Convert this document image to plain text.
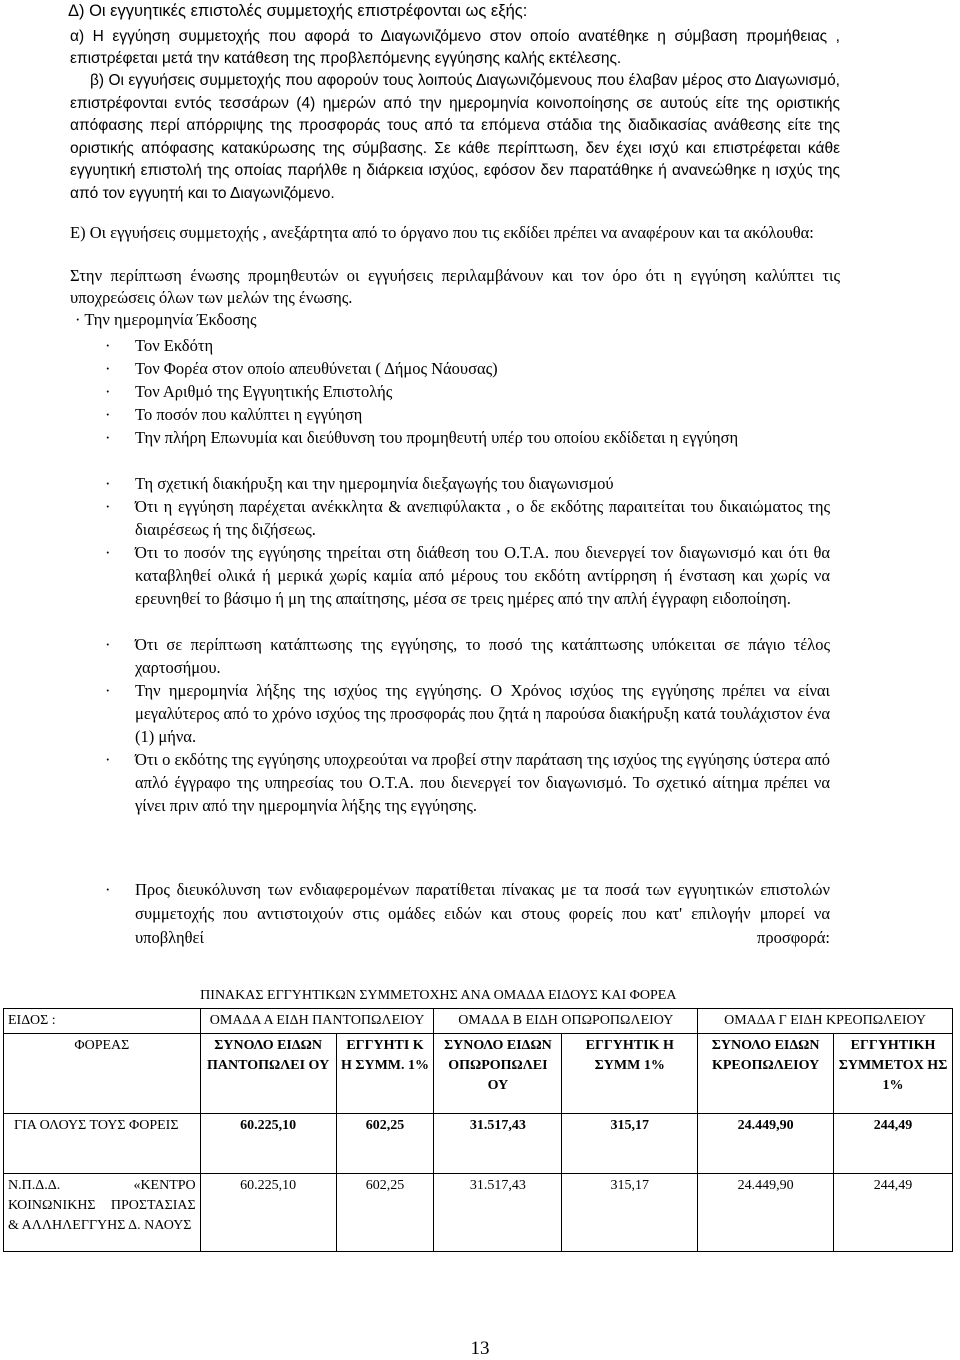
Δ) Οι εγγυητικές επιστολές συμμετοχής επιστρέφονται ως εξής:

α) Η εγγύηση συμμετοχής που αφορά το Διαγωνιζόμενο στον οποίο ανατέθηκε η σύμβαση προμήθειας , επιστρέφεται μετά την κατάθεση της προβλεπόμενης εγγύησης καλής εκτέλεσης.

β) Οι εγγυήσεις συμμετοχής που αφορούν τους λοιπούς Διαγωνιζόμενους που έλαβαν μέρος στο Διαγωνισμό, επιστρέφονται εντός τεσσάρων (4) ημερών από την ημερομηνία κοινοποίησης σε αυτούς είτε της οριστικής απόφασης περί απόρριψης της προσφοράς τους από τα επόμενα στάδια της διαδικασίας ανάθεσης είτε της οριστικής απόφασης κατακύρωσης της σύμβασης. Σε κάθε περίπτωση, δεν έχει ισχύ και επιστρέφεται κάθε εγγυητική επιστολή της οποίας παρήλθε η διάρκεια ισχύος, εφόσον δεν παρατάθηκε ή ανανεώθηκε η ισχύς της από τον εγγυητή και το Διαγωνιζόμενο.

Ε) Οι εγγυήσεις συμμετοχής , ανεξάρτητα από το όργανο που τις εκδίδει πρέπει να αναφέρουν και τα ακόλουθα:

Στην περίπτωση ένωσης προμηθευτών οι εγγυήσεις περιλαμβάνουν και τον όρο ότι η εγγύηση καλύπτει τις υποχρεώσεις όλων των μελών της ένωσης.

· Την ημερομηνία Έκδοσης

· Τον Εκδότη

· Τον Φορέα στον οποίο απευθύνεται ( Δήμος Νάουσας)

· Τον Αριθμό της Εγγυητικής Επιστολής

· Το ποσόν που καλύπτει η εγγύηση

· Την πλήρη Επωνυμία και διεύθυνση του προμηθευτή υπέρ του οποίου εκδίδεται η εγγύηση

· Τη σχετική διακήρυξη και την ημερομηνία διεξαγωγής του διαγωνισμού

· Ότι η εγγύηση παρέχεται ανέκκλητα & ανεπιφύλακτα , ο δε εκδότης παραιτείται του δικαιώματος της διαιρέσεως ή της διζήσεως.

· Ότι το ποσόν της εγγύησης τηρείται στη διάθεση του Ο.Τ.Α. που διενεργεί τον διαγωνισμό και ότι θα καταβληθεί ολικά ή μερικά χωρίς καμία από μέρους του εκδότη αντίρρηση ή ένσταση και χωρίς να ερευνηθεί το βάσιμο ή μη της απαίτησης, μέσα σε τρεις ημέρες από την απλή έγγραφη ειδοποίηση.

· Ότι σε περίπτωση κατάπτωσης της εγγύησης, το ποσό της κατάπτωσης υπόκειται σε πάγιο τέλος χαρτοσήμου.

· Την ημερομηνία λήξης της ισχύος της εγγύησης. Ο Χρόνος ισχύος της εγγύησης πρέπει να είναι μεγαλύτερος από το χρόνο ισχύος της προσφοράς που ζητά η παρούσα διακήρυξη κατά τουλάχιστον ένα (1) μήνα.

· Ότι ο εκδότης της εγγύησης υποχρεούται να προβεί στην παράταση της ισχύος της εγγύησης ύστερα από απλό έγγραφο της υπηρεσίας του Ο.Τ.Α. που διενεργεί τον διαγωνισμό. Το σχετικό αίτημα πρέπει να γίνει πριν από την ημερομηνία λήξης της εγγύησης.

· Προς διευκόλυνση των ενδιαφερομένων παρατίθεται πίνακας με τα ποσά των εγγυητικών επιστολών συμμετοχής που αντιστοιχούν στις ομάδες ειδών και στους φορείς που κατ' επιλογήν μπορεί να υποβληθεί προσφορά:

	ΠΙΝΑΚΑΣ ΕΓΓΥΗΤΙΚΩΝ ΣΥΜΜΕΤΟΧΗΣ ΑΝΑ ΟΜΑΔΑ ΕΙΔΟΥΣ ΚΑΙ ΦΟΡΕΑ					
ΕΙΔΟΣ :	ΟΜΑΔΑ Α ΕΙΔΗ ΠΑΝΤΟΠΩΛΕΙΟΥ		ΟΜΑΔΑ Β ΕΙΔΗ ΟΠΩΡΟΠΩΛΕΙΟΥ		ΟΜΑΔΑ Γ ΕΙΔΗ ΚΡΕΟΠΩΛΕΙΟΥ	
ΦΟΡΕΑΣ	ΣΥΝΟΛΟ ΕΙΔΩΝ ΠΑΝΤΟΠΩΛΕΙ ΟΥ	ΕΓΓΥΗΤΙ Κ Η ΣΥΜΜ. 1%	ΣΥΝΟΛΟ ΕΙΔΩΝ ΟΠΩΡΟΠΩΛΕΙ ΟΥ	ΕΓΓΥΗΤΙΚ Η ΣΥΜΜ 1%	ΣΥΝΟΛΟ ΕΙΔΩΝ ΚΡΕΟΠΩΛΕΙΟΥ	ΕΓΓΥΗΤΙΚΗ ΣΥΜΜΕΤΟΧ ΗΣ 1%
ΓΙΑ ΟΛΟΥΣ ΤΟΥΣ ΦΟΡΕΙΣ	60.225,10	602,25	31.517,43	315,17	24.449,90	244,49
Ν.Π.Δ.Δ. «ΚΕΝΤΡΟ ΚΟΙΝΩΝΙΚΗΣ ΠΡΟΣΤΑΣΙΑΣ & ΑΛΛΗΛΕΓΓΥΗΣ Δ. ΝΑΟΥΣ	60.225,10	602,25	31.517,43	315,17	24.449,90	244,49
13
